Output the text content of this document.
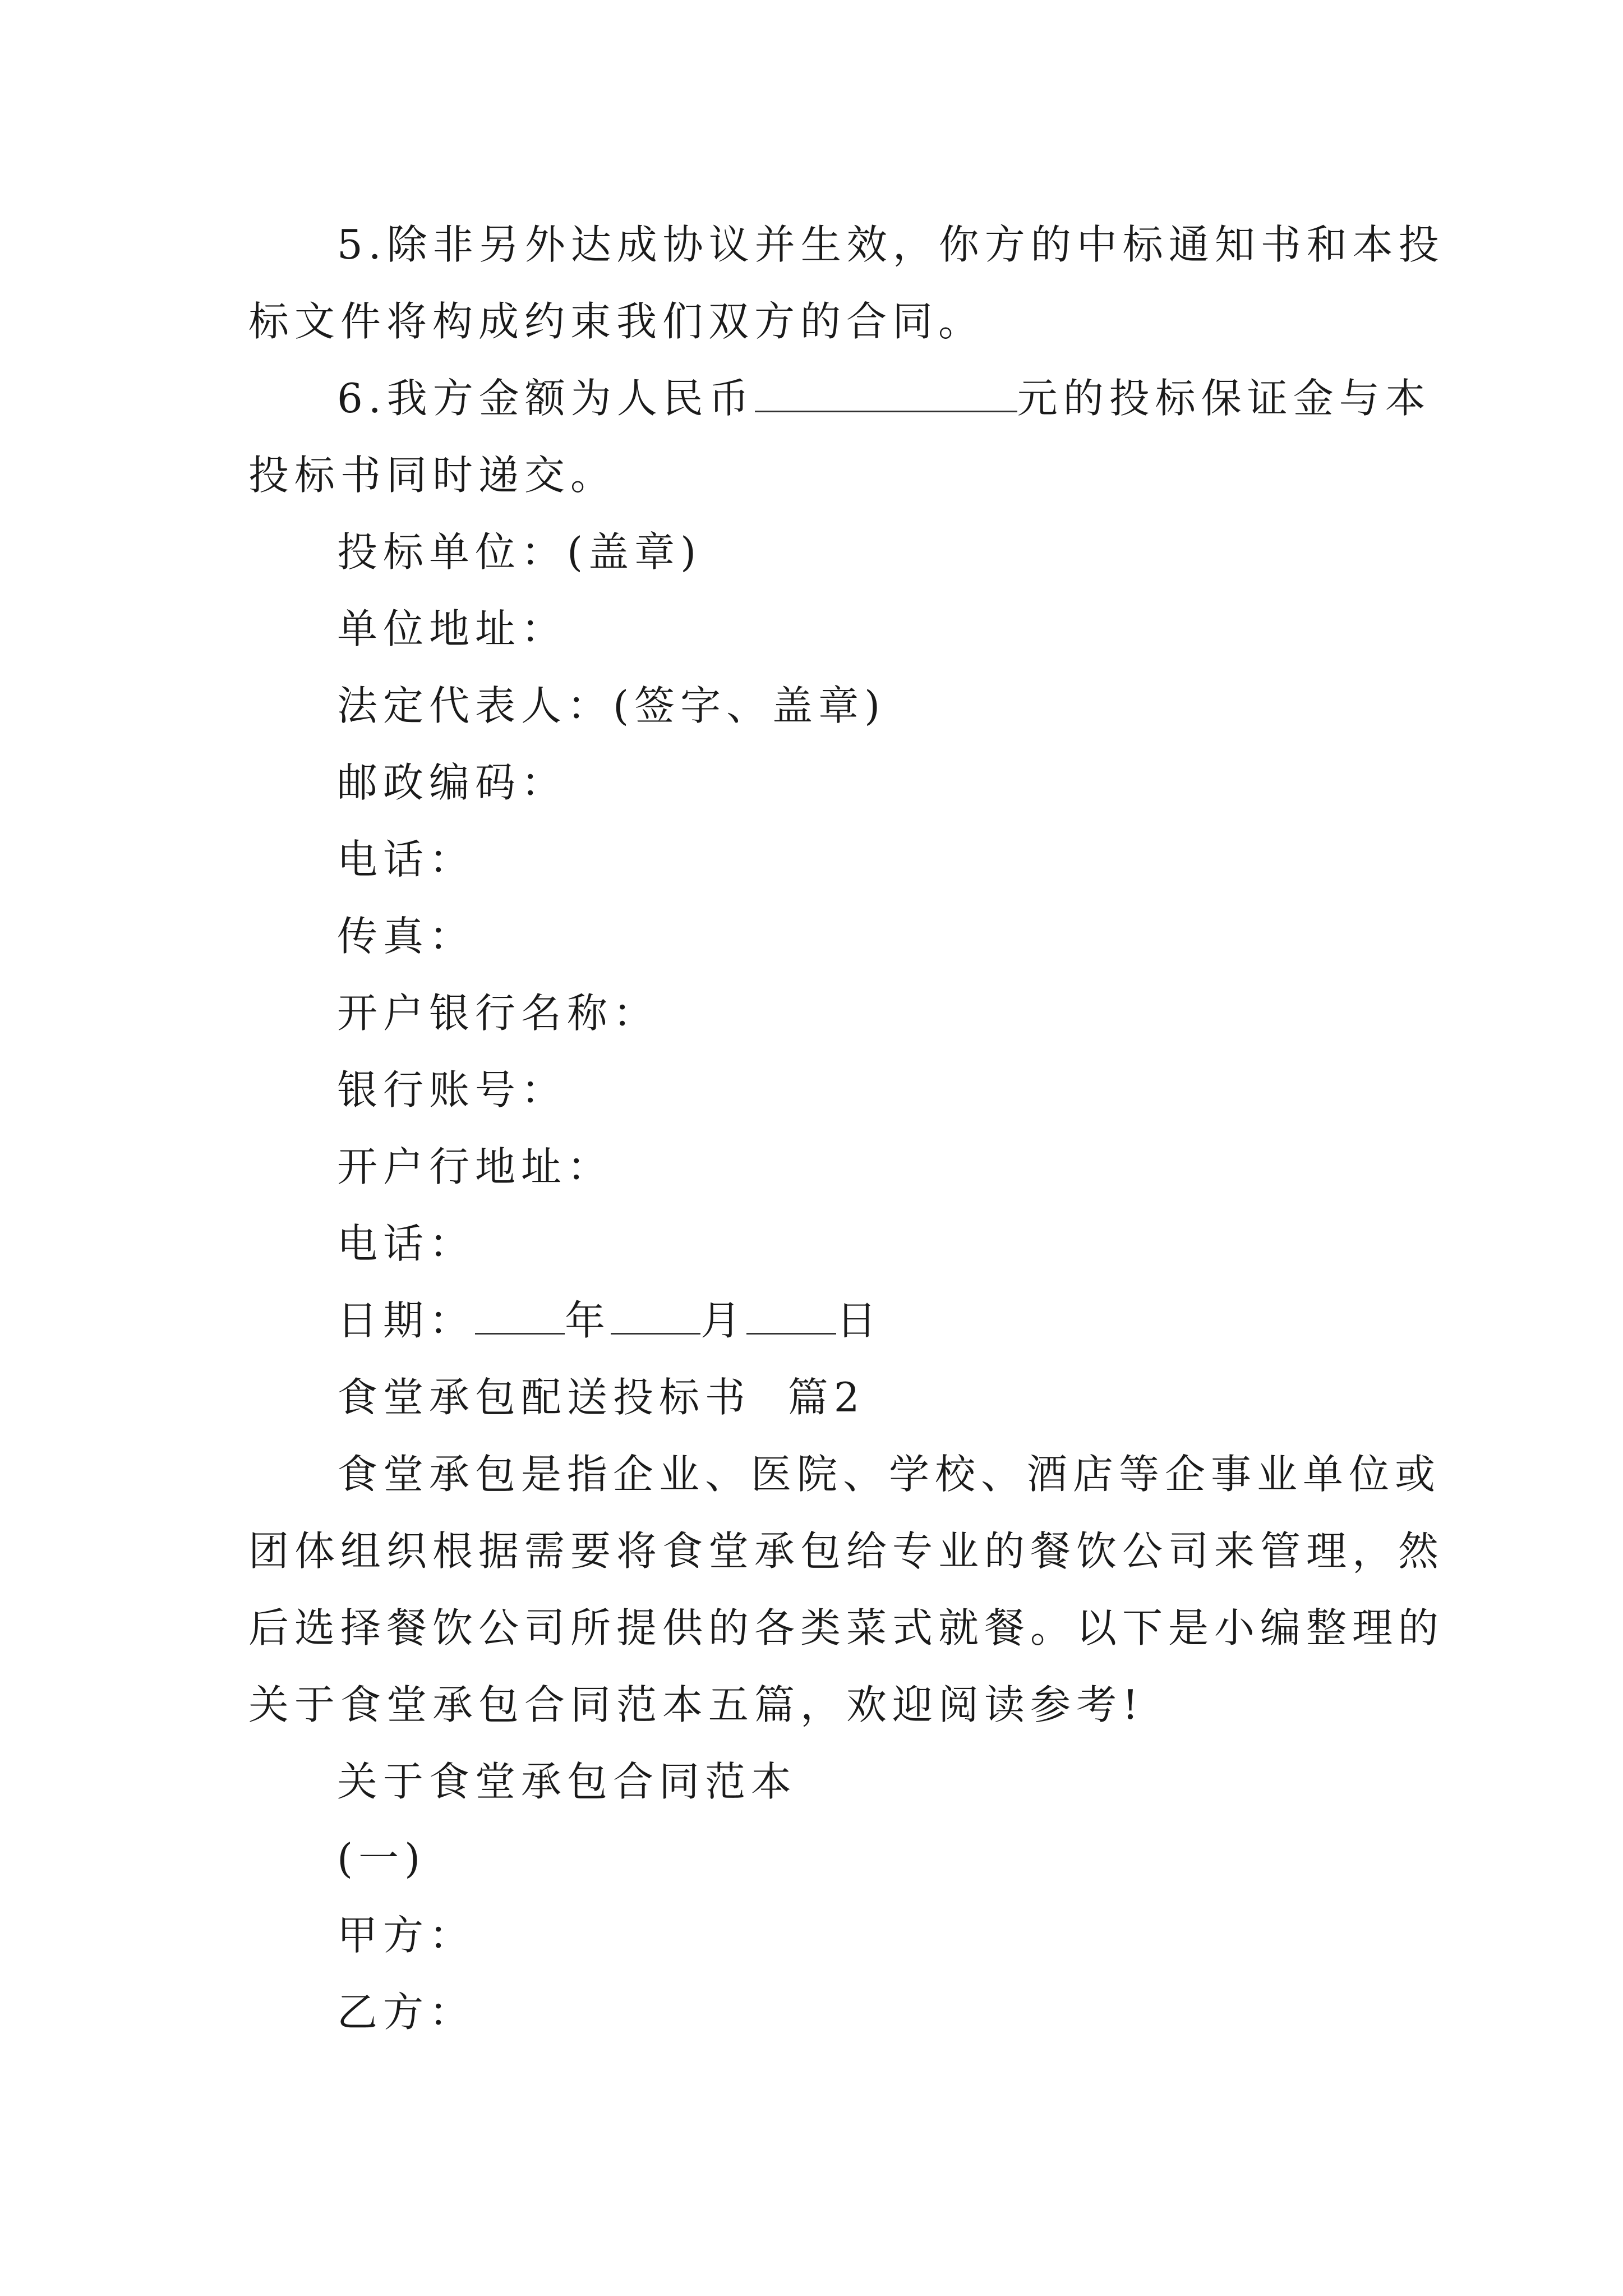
5.除非另外达成协议并生效，你方的中标通知书和本投

标文件将构成约束我们双方的合同。

6.我方金额为人民币	元的投标保证金与本

投标书同时递交。

投标单位：(盖章)

单位地址：

法定代表人：(签字、盖章)

邮政编码：

电话：

传真：

开户银行名称：

银行账号：

开户行地址：

电话：

日期： 年 月 日

食堂承包配送投标书  篇2

食堂承包是指企业、医院、学校、酒店等企事业单位或

团体组织根据需要将食堂承包给专业的餐饮公司来管理，然

后选择餐饮公司所提供的各类菜式就餐。以下是小编整理的

关于食堂承包合同范本五篇，欢迎阅读参考!

关于食堂承包合同范本

(一)

甲方：

乙方：
